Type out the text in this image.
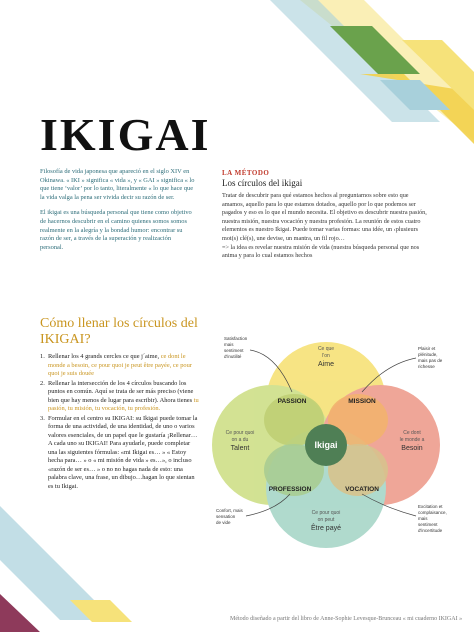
IKIGAI

Filosofía de vida japonesa que apareció en el siglo XIV en Okinawa. « IKI » significa « vida », y « GAI » significa « lo que tiene ‘valor’ por lo tanto, literalmente « lo que hace que la vida valga la pena ser vivida decir su razón de ser.

El ikigai es una búsqueda personal que tiene como objetivo de hacernos descubrir en el camino quienes somos somos realmente en la alegría y la bondad humor: encontrar su razón de ser, a través de la superación y realización personal.

LA MÉTODO
Los círculos del ikigai

Tratar de descubrir para qué estamos hechos al preguntarnos sobre esto que amamos, aquello para lo que estamos dotados, aquello por lo que podemos ser pagados y eso es lo que el mundo necesita. El objetivo es descubrir nuestra pasión, nuestra misión, nuestra vocación y nuestra profesión. La reunión de estos cuatro elementos es nuestro Ikigai. Puede tomar varias formas: una idée, un ‹plusieurs mot(s) clé(s), une devise, un mantra, un fil rojo…

=> la idea es revelar nuestra misión de vida (nuestra búsqueda personal que nos anima y para lo cual estamos hechos

Cómo llenar los círculos del IKIGAI?
1. Rellenar los 4 grands cercles ce que j´aime, ce dont le monde a besoin, ce pour quoi je peut être payée, ce pour quoi je suis douée
2. Rellenar la intersección de los 4 círculos buscando los puntos en común. Aquí se trata de ser más preciso (viene bien que hay menos de lugar para escribir). Ahora tienes tu pasión, tu misión, tu vocación, tu profesión.
3. Formular en el centro su IKIGAI: su Ikigai puede tomar la forma de una actividad, de una identidad, de uno o varios valores esenciales, de un papel que le gustaría ¡Rellenar… A cada uno su IKIGAI! Para ayudarle, puede completar una las siguientes fórmulas: «mi Ikigai es… » « Estoy hecha para… » o « mi misión de vida » es…», o incluso «razón de ser es… » o no no hagas nada de esto: una palabra clave, una frase, un dibujo…hagan lo que sientan es tu Ikigai.
Ce que
l'on
Aime
Ce pour quoi
on a du
Talent
Ce dont
le monde a
Besoin
Ce pour quoi
on peut
Être payé
PASSION	MISSION
PROFESSION	VOCATION
Ikigai
Satisfaction
mais
sentiment
d'inutilité
Plaisir et
plénitude,
mais pas de
richesse
Confort, mais
sensation
de vide
Excitation et
complaisance,
mais
sentiment
d'incertitude
Método diseñado a partir del libro de Anne-Sophie Levesque-Brunceau « mi cuaderno IKIGAI »
